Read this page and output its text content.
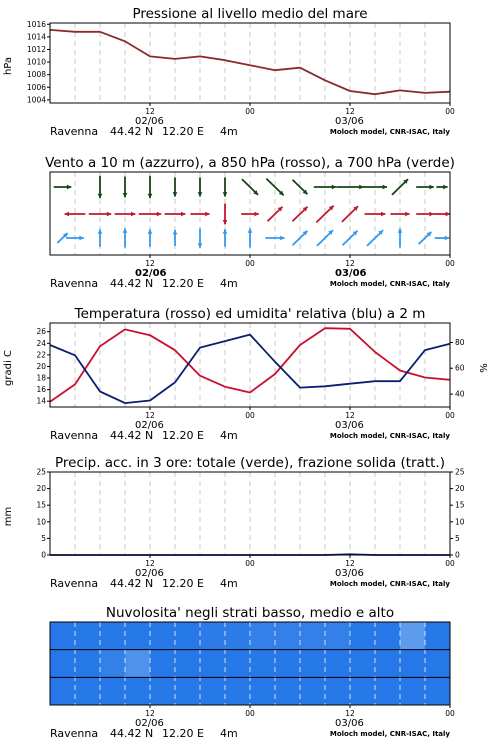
Pressione al livello medio del mare
12	00	12	00
02/06	03/06
1004
1006
1008
1010
1012
1014
1016
hPa
Ravenna 44.42 N 12.20 E 4m	Moloch model, CNR-ISAC, Italy
Vento a 10 m (azzurro), a 850 hPa (rosso), a 700 hPa (verde)
12	00	12	00
02/06	03/06
Ravenna 44.42 N 12.20 E 4m	Moloch model, CNR-ISAC, Italy
Temperatura (rosso) ed umidita' relativa (blu) a 2 m
12	00	12	00
02/06	03/06
14
16
18
20
22
24
26
40
60
80
gradi C	%
Ravenna 44.42 N 12.20 E 4m	Moloch model, CNR-ISAC, Italy
Precip. acc. in 3 ore: totale (verde), frazione solida (tratt.)
12	00	12	00
02/06	03/06
0
5
10
15
20
25
0
5
10
15
20
25
mm
Ravenna 44.42 N 12.20 E 4m	Moloch model, CNR-ISAC, Italy
Nuvolosita' negli strati basso, medio e alto
12	00	12	00
02/06	03/06
Ravenna 44.42 N 12.20 E 4m	Moloch model, CNR-ISAC, Italy
